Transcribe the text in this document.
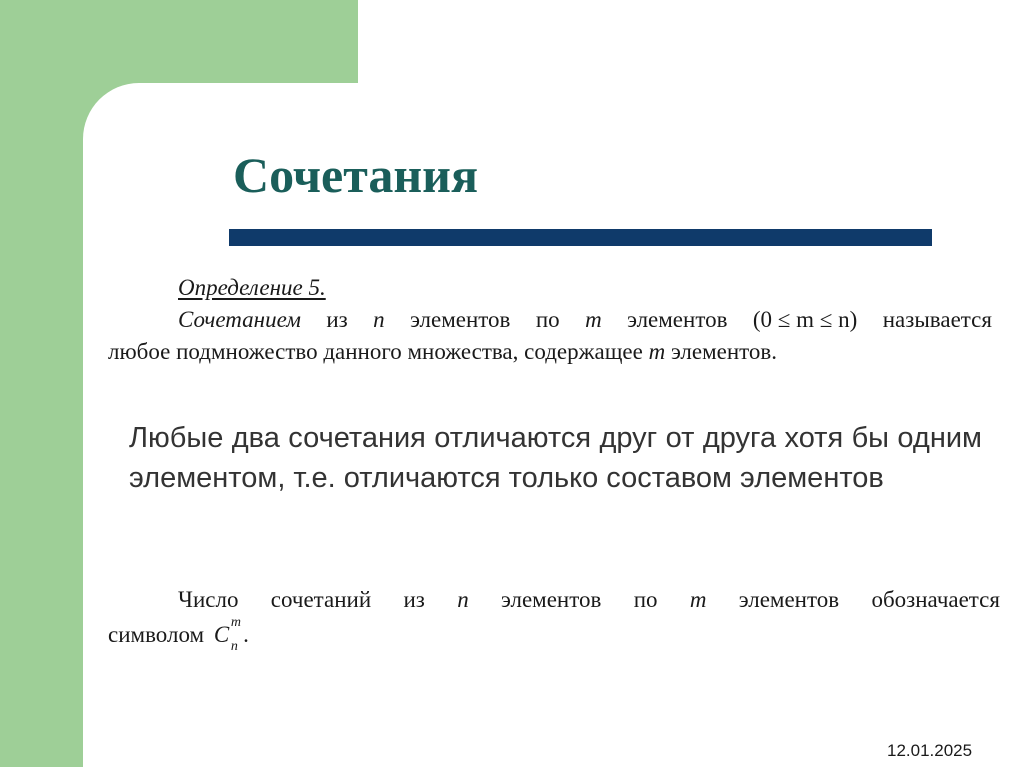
Сочетания
Определение 5.
Сочетанием из n элементов по m элементов (0 ≤ m ≤ n) называется
любое подмножество данного множества, содержащее m элементов.

Любые два сочетания отличаются друг от друга хотя бы одним элементом, т.е. отличаются только составом элементов

Число сочетаний из n элементов по m элементов обозначается
символом C m
n .
12.01.2025
